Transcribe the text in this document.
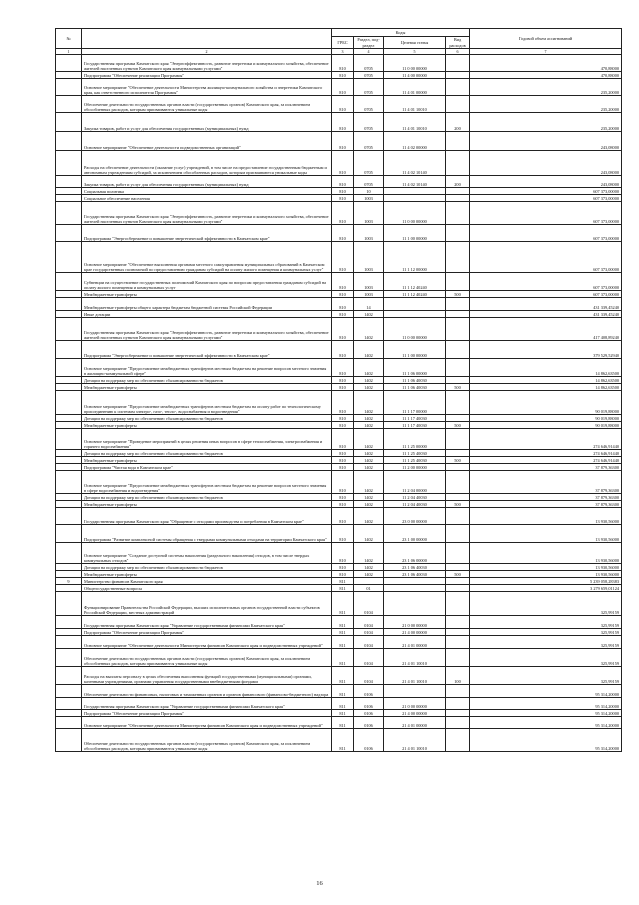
№		Коды				Годовой объем ассигнований
		ГРБС	Раздел, под-раздел	Целевая статья	Вид расходов	
1	2	3	4	5	6	7
	Государственная программа Камчатского края "Энергоэффективность, развитие энергетики и коммунального хозяйства, обеспечение жителей населенных пунктов Камчатского края коммунальными услугами"	810	0705	11 0 00 00000		470,88000
	Подпрограмма "Обеспечение реализации Программы"	810	0705	11 4 00 00000		470,88000
	Основное мероприятие "Обеспечение деятельности Министерства жилищно-коммунального хозяйства и энергетики Камчатского края, как ответственного исполнителя Программы"	810	0705	11 4 01 00000		235,20000
	Обеспечение деятельности государственных органов власти (государственных органов) Камчатского края, за исключением обособленных расходов, которым присваиваются уникальные коды	810	0705	11 4 01 10010		235,20000
	Закупка товаров, работ и услуг для обеспечения государственных (муниципальных) нужд	810	0705	11 4 01 10010	200	235,20000
	Основное мероприятие "Обеспечение деятельности подведомственных организаций"	810	0705	11 4 02 00000		243,08000
	Расходы на обеспечение деятельности (оказание услуг) учреждений, в том числе на предоставление государственным бюджетным и автономным учреждениям субсидий, за исключением обособленных расходов, которым присваиваются уникальные коды	810	0705	11 4 02 10140		243,08000
	Закупка товаров, работ и услуг для обеспечения государственных (муниципальных) нужд	810	0705	11 4 02 10140	200	243,08000
	Социальная политика	810	10			607 373,00000
	Социальное обеспечение населения	810	1003			607 373,00000
	Государственная программа Камчатского края "Энергоэффективность, развитие энергетики и коммунального хозяйства, обеспечение жителей населенных пунктов Камчатского края коммунальными услугами"	810	1003	11 0 00 00000		607 373,00000
	Подпрограмма "Энергосбережение и повышение энергетической эффективности в Камчатском крае"	810	1003	11 1 00 00000		607 373,00000
	Основное мероприятие "Обеспечение выполнения органами местного самоуправления муниципальных образований в Камчатском крае государственных полномочий по предоставлению гражданам субсидий на оплату жилого помещения и коммунальных услуг"	810	1003	11 1 12 00000		607 373,00000
	Субвенции на осуществление государственных полномочий Камчатского края по вопросам предоставления гражданам субсидий на оплату жилого помещения и коммунальных услуг	810	1003	11 1 12 40240		607 373,00000
	Межбюджетные трансферты	810	1003	11 1 12 40240	500	607 373,00000
	Межбюджетные трансферты общего характера бюджетам бюджетной системы Российской Федерации	810	14			431 339,45240
	Иные дотации	810	1402			431 339,45240
	Государственная программа Камчатского края "Энергоэффективность, развитие энергетики и коммунального хозяйства, обеспечение жителей населенных пунктов Камчатского края коммунальными услугами"	810	1402	11 0 00 00000		417 408,89240
	Подпрограмма "Энергосбережение и повышение энергетической эффективности в Камчатском крае"	810	1402	11 1 00 00000		379 529,52940
	Основное мероприятие "Предоставление межбюджетных трансфертов местным бюджетам на решение вопросов местного значения в жилищно-коммунальной сфере"	810	1402	11 1 06 00000		14 862,63500
	Дотации на поддержку мер по обеспечению сбалансированности бюджетов	810	1402	11 1 06 40030		14 862,63500
	Межбюджетные трансферты	810	1402	11 1 06 40030	500	14 862,63500
	Основное мероприятие "Предоставление межбюджетных трансфертов местным бюджетам на оплату работ по технологическому присоединению к системам электро-, газо-, тепло-, водоснабжения и водоотведения"	810	1402	11 1 17 00000		90 019,88000
	Дотации на поддержку мер по обеспечению сбалансированности бюджетов	810	1402	11 1 17 40030		90 019,88000
	Межбюджетные трансферты	810	1402	11 1 17 40030	500	90 019,88000
	Основное мероприятие "Проведение мероприятий в целях решения иных вопросов в сфере теплоснабжения, электроснабжения и горячего водоснабжения"	810	1402	11 1 25 00000		274 646,91440
	Дотации на поддержку мер по обеспечению сбалансированности бюджетов	810	1402	11 1 25 40030		274 646,91440
	Межбюджетные трансферты	810	1402	11 1 25 40030	500	274 646,91440
	Подпрограмма "Чистая вода в Камчатском крае"	810	1402	11 2 00 00000		37 879,36300
	Основное мероприятие "Предоставление межбюджетных трансфертов местным бюджетам на решение вопросов местного значения в сфере водоснабжения и водоотведения"	810	1402	11 2 04 00000		37 879,36300
	Дотации на поддержку мер по обеспечению сбалансированности бюджетов	810	1402	11 2 04 40030		37 879,36300
	Межбюджетные трансферты	810	1402	11 2 04 40030	500	37 879,36300
	Государственная программа Камчатского края "Обращение с отходами производства и потребления в Камчатском крае"	810	1402	23 0 00 00000		13 930,56000
	Подпрограмма "Развитие комплексной системы обращения с твердыми коммунальными отходами на территории Камчатского края"	810	1402	23 1 00 00000		13 930,56000
	Основное мероприятие "Создание доступной системы накопления (раздельного накопления) отходов, в том числе твердых коммунальных отходов"	810	1402	23 1 06 00000		13 930,56000
	Дотации на поддержку мер по обеспечению сбалансированности бюджетов	810	1402	23 1 06 40030		13 930,56000
	Межбюджетные трансферты	810	1402	23 1 06 40030	500	13 930,56000
9	Министерство финансов Камчатского края	811				5 239 058,28383
	Общегосударственные вопросы	811	01			3 279 659,01124
	Функционирование Правительства Российской Федерации, высших исполнительных органов государственной власти субъектов Российской Федерации, местных администраций	811	0104			325,99159
	Государственная программа Камчатского края "Управление государственными финансами Камчатского края"	811	0104	21 0 00 00000		325,99159
	Подпрограмма "Обеспечение реализации Программы"	811	0104	21 4 00 00000		325,99159
	Основное мероприятие "Обеспечение деятельности Министерства финансов Камчатского края и подведомственных учреждений"	811	0104	21 4 01 00000		325,99159
	Обеспечение деятельности государственных органов власти (государственных органов) Камчатского края, за исключением обособленных расходов, которым присваиваются уникальные коды	811	0104	21 4 01 10010		325,99159
	Расходы на выплаты персоналу в целях обеспечения выполнения функций государственными (муниципальными) органами, казенными учреждениями, органами управления государственными внебюджетными фондами	811	0104	21 4 01 10010	100	325,99159
	Обеспечение деятельности финансовых, налоговых и таможенных органов и органов финансового (финансово-бюджетного) надзора	811	0106			95 314,20000
	Государственная программа Камчатского края "Управление государственными финансами Камчатского края"	811	0106	21 0 00 00000		95 314,20000
	Подпрограмма "Обеспечение реализации Программы"	811	0106	21 4 00 00000		95 314,20000
	Основное мероприятие "Обеспечение деятельности Министерства финансов Камчатского края и подведомственных учреждений"	811	0106	21 4 01 00000		95 314,20000
	Обеспечение деятельности государственных органов власти (государственных органов) Камчатского края, за исключением обособленных расходов, которым присваиваются уникальные коды	811	0106	21 4 01 10010		95 314,20000
16
